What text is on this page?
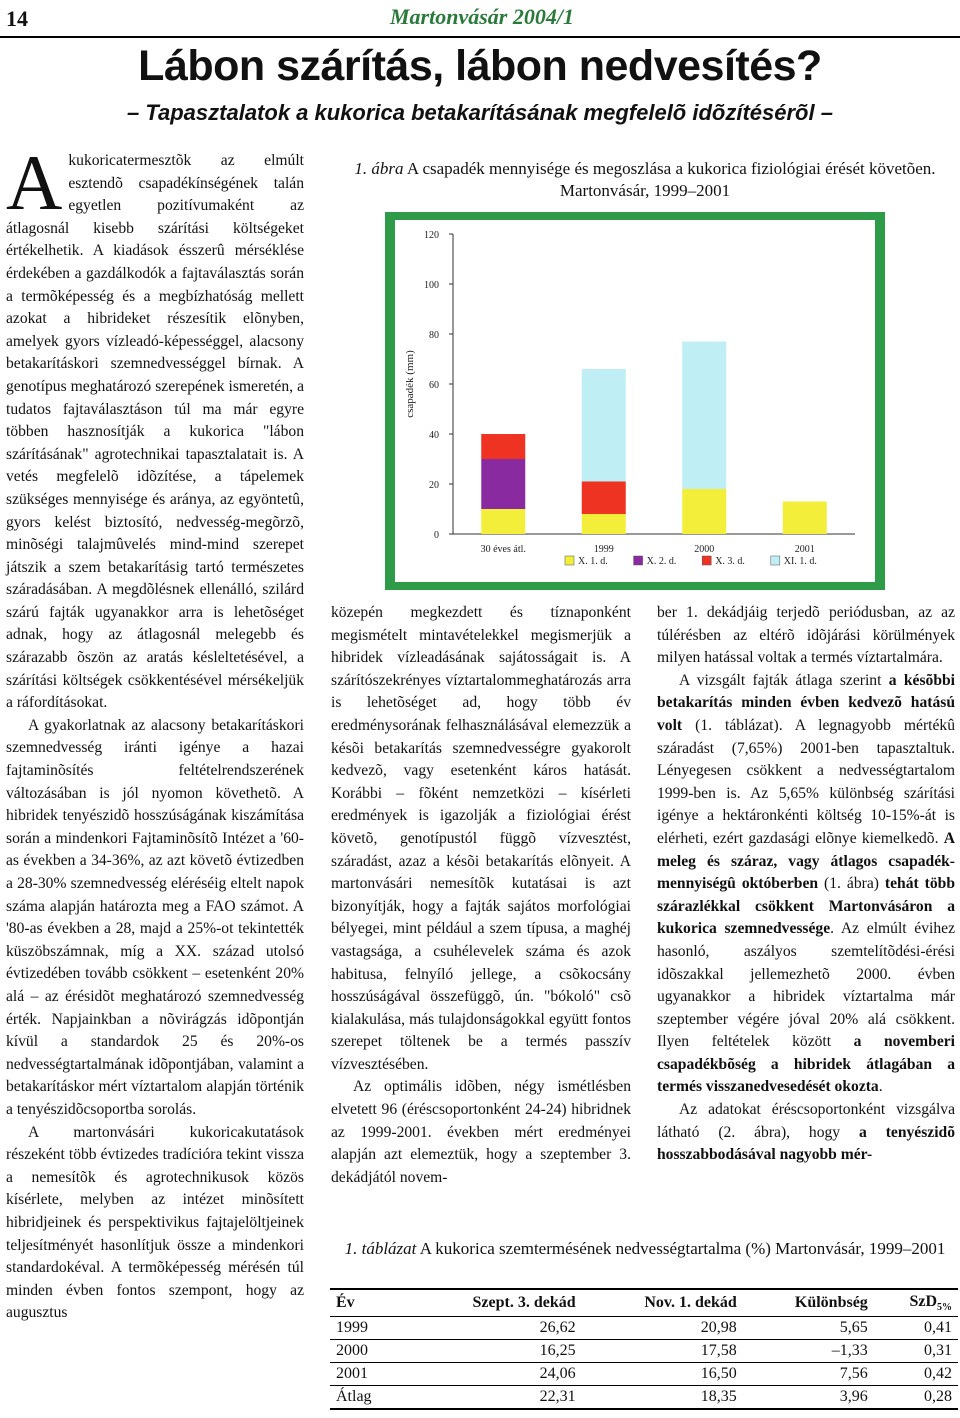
14	Martonvásár 2004/1
Lábon szárítás, lábon nedvesítés?
– Tapasztalatok a kukorica betakarításának megfelelõ idõzítésérõl –

Akukoricatermesztõk az elmúlt esztendõ csapadékínségének talán egyetlen pozitívumaként az átlagosnál kisebb szárítási költségeket értékelhetik. A kiadások ésszerû mérséklése érdekében a gazdálkodók a fajtaválasztás során a termõképesség és a megbízhatóság mellett azokat a hibrideket részesítik elõnyben, amelyek gyors vízleadó-képességgel, alacsony betakarításkori szemnedvességgel bírnak. A genotípus meghatározó szerepének ismeretén, a tudatos fajtaválasztáson túl ma már egyre többen hasznosítják a kukorica "lábon szárításának" agrotechnikai tapasztalatait is. A vetés megfelelõ idõzítése, a tápelemek szükséges mennyisége és aránya, az egyöntetû, gyors kelést biztosító, nedvesség-megõrzõ, minõségi talajmûvelés mind-mind szerepet játszik a szem betakarításig tartó természetes száradásában. A megdõlésnek ellenálló, szilárd szárú fajták ugyanakkor arra is lehetõséget adnak, hogy az átlagosnál melegebb és szárazabb õszön az aratás késleltetésével, a szárítási költségek csökkentésével mérsékeljük a ráfordításokat.

A gyakorlatnak az alacsony betakarításkori szemnedvesség iránti igénye a hazai fajtaminõsítés feltételrendszerének változásában is jól nyomon követhetõ. A hibridek tenyészidõ hosszúságának kiszámítása során a mindenkori Fajtaminõsítõ Intézet a '60-as években a 34-36%, az azt követõ évtizedben a 28-30% szemnedvesség eléréséig eltelt napok száma alapján határozta meg a FAO számot. A '80-as években a 28, majd a 25%-ot tekintették küszöbszámnak, míg a XX. század utolsó évtizedében tovább csökkent – esetenként 20% alá – az érésidõt meghatározó szemnedvesség érték. Napjainkban a nõvirágzás idõpontján kívül a standardok 25 és 20%-os nedvességtartalmának idõpontjában, valamint a betakarításkor mért víztartalom alapján történik a tenyészidõcsoportba sorolás.

A martonvásári kukoricakutatások részeként több évtizedes tradícióra tekint vissza a nemesítõk és agrotechnikusok közös kísérlete, melyben az intézet minõsített hibridjeinek és perspektivikus fajtajelöltjeinek teljesítményét hasonlítjuk össze a mindenkori standardokéval. A termõképesség mérésén túl minden évben fontos szempont, hogy az augusztus

1. ábra A csapadék mennyisége és megoszlása a kukorica fiziológiai érését követõen. Martonvásár, 1999–2001
0
20
40
60
80
100
120
csapadék (mm)
30 éves átl.	1999	2000	2001
X. 1. d.	X. 2. d.	X. 3. d.	XI. 1. d.

közepén megkezdett és tíznaponként megismételt mintavételekkel megismerjük a hibridek vízleadásának sajátosságait is. A szárítószekrényes víztartalommeghatározás arra is lehetõséget ad, hogy több év eredménysorának felhasználásával elemezzük a késõi betakarítás szemnedvességre gyakorolt kedvezõ, vagy esetenként káros hatását. Korábbi – fõként nemzetközi – kísérleti eredmények is igazolják a fiziológiai érést követõ, genotípustól függõ vízvesztést, száradást, azaz a késõi betakarítás elõnyeit. A martonvásári nemesítõk kutatásai is azt bizonyítják, hogy a fajták sajátos morfológiai bélyegei, mint például a szem típusa, a maghéj vastagsága, a csuhélevelek száma és azok habitusa, felnyíló jellege, a csõkocsány hosszúságával összefüggõ, ún. "bókoló" csõ kialakulása, más tulajdonságokkal együtt fontos szerepet töltenek be a termés passzív vízvesztésében.

Az optimális idõben, négy ismétlésben elvetett 96 (éréscsoportonként 24-24) hibridnek az 1999-2001. években mért eredményei alapján azt elemeztük, hogy a szeptember 3. dekádjától novem-

ber 1. dekádjáig terjedõ periódusban, az az túlérésben az eltérõ idõjárási körülmények milyen hatással voltak a termés víztartalmára.

A vizsgált fajták átlaga szerint a késõbbi betakarítás minden évben kedvezõ hatású volt (1. táblázat). A legnagyobb mértékû száradást (7,65%) 2001-ben tapasztaltuk. Lényegesen csökkent a nedvességtartalom 1999-ben is. Az 5,65% különbség szárítási igénye a hektáronkénti költség 10-15%-át is elérheti, ezért gazdasági elõnye kiemelkedõ. A meleg és száraz, vagy átlagos csapadék-mennyiségû októberben (1. ábra) tehát több szárazlékkal csökkent Martonvásáron a kukorica szemnedvessége. Az elmúlt évihez hasonló, aszályos szemtelítõdési-érési idõszakkal jellemezhetõ 2000. évben ugyanakkor a hibridek víztartalma már szeptember végére jóval 20% alá csökkent. Ilyen feltételek között a novemberi csapadékbõség a hibridek átlagában a termés visszanedvesedését okozta.

Az adatokat éréscsoportonként vizsgálva látható (2. ábra), hogy a tenyészidõ hosszabbodásával nagyobb mér-

1. táblázat A kukorica szemtermésének nedvességtartalma (%) Martonvásár, 1999–2001
Év	Szept. 3. dekád	Nov. 1. dekád	Különbség	SzD$_{5\%}$
1999	26,62	20,98	5,65	0,41
2000	16,25	17,58	–1,33	0,31
2001	24,06	16,50	7,56	0,42
Átlag	22,31	18,35	3,96	0,28
